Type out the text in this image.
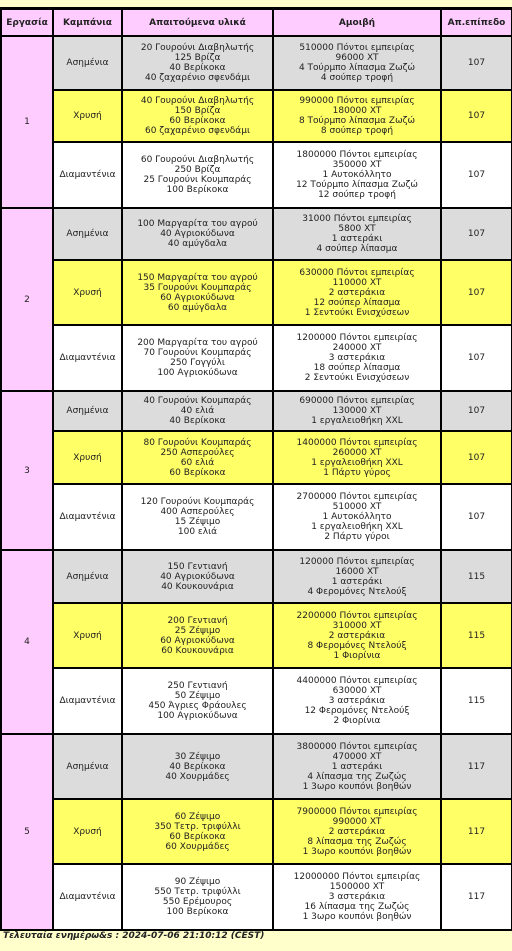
Εργασία	Καμπάνια	Απαιτούμενα υλικά	Αμοιβή	Απ.επίπεδο
1	Ασημένια	20 Γουρούνι Διαβηλωτής
125 Βρίζα
40 Βερίκοκα
40 ζαχαρένιο σφενδάμι	510000 Πόντοι εμπειρίας
96000 XT
4 Τούρμπο λίπασμα Ζωζώ
4 σούπερ τροφή	107
	Χρυσή	40 Γουρούνι Διαβηλωτής
150 Βρίζα
60 Βερίκοκα
60 ζαχαρένιο σφενδάμι	990000 Πόντοι εμπειρίας
180000 XT
8 Τούρμπο λίπασμα Ζωζώ
8 σούπερ τροφή	107
	Διαμαντένια	60 Γουρούνι Διαβηλωτής
250 Βρίζα
25 Γουρούνι Κουμπαράς
100 Βερίκοκα	1800000 Πόντοι εμπειρίας
350000 XT
1 Αυτοκόλλητο
12 Τούρμπο λίπασμα Ζωζώ
12 σούπερ τροφή	107
2	Ασημένια	100 Μαργαρίτα του αγρού
40 Αγριοκύδωνα
40 αμύγδαλα	31000 Πόντοι εμπειρίας
5800 XT
1 αστεράκι
4 σούπερ λίπασμα	107
	Χρυσή	150 Μαργαρίτα του αγρού
35 Γουρούνι Κουμπαράς
60 Αγριοκύδωνα
60 αμύγδαλα	630000 Πόντοι εμπειρίας
110000 XT
2 αστεράκια
12 σούπερ λίπασμα
1 Σεντούκι Ενισχύσεων	107
	Διαμαντένια	200 Μαργαρίτα του αγρού
70 Γουρούνι Κουμπαράς
250 Γογγύλι
100 Αγριοκύδωνα	1200000 Πόντοι εμπειρίας
240000 XT
3 αστεράκια
18 σούπερ λίπασμα
2 Σεντούκι Ενισχύσεων	107
3	Ασημένια	40 Γουρούνι Κουμπαράς
40 ελιά
40 Βερίκοκα	690000 Πόντοι εμπειρίας
130000 XT
1 εργαλειοθήκη XXL	107
	Χρυσή	80 Γουρούνι Κουμπαράς
250 Ασπερούλες
60 ελιά
60 Βερίκοκα	1400000 Πόντοι εμπειρίας
260000 XT
1 εργαλειοθήκη XXL
1 Πάρτυ γύρος	107
	Διαμαντένια	120 Γουρούνι Κουμπαράς
400 Ασπερούλες
15 Ζέψιμο
100 ελιά	2700000 Πόντοι εμπειρίας
510000 XT
1 Αυτοκόλλητο
1 εργαλειοθήκη XXL
2 Πάρτυ γύροι	107
4	Ασημένια	150 Γεντιανή
40 Αγριοκύδωνα
40 Κουκουνάρια	120000 Πόντοι εμπειρίας
16000 XT
1 αστεράκι
4 Φερομόνες Ντελούξ	115
	Χρυσή	200 Γεντιανή
25 Ζέψιμο
60 Αγριοκύδωνα
60 Κουκουνάρια	2200000 Πόντοι εμπειρίας
310000 XT
2 αστεράκια
8 Φερομόνες Ντελούξ
1 Φιορίνια	115
	Διαμαντένια	250 Γεντιανή
50 Ζέψιμο
450 Άγριες Φράουλες
100 Αγριοκύδωνα	4400000 Πόντοι εμπειρίας
630000 XT
3 αστεράκια
12 Φερομόνες Ντελούξ
2 Φιορίνια	115
5	Ασημένια	30 Ζέψιμο
40 Βερίκοκα
40 Χουρμάδες	3800000 Πόντοι εμπειρίας
470000 XT
1 αστεράκι
4 λίπασμα της Ζωζώς
1 3ωρο κουπόνι βοηθών	117
	Χρυσή	60 Ζέψιμο
350 Τετρ. τριφύλλι
60 Βερίκοκα
60 Χουρμάδες	7900000 Πόντοι εμπειρίας
990000 XT
2 αστεράκια
8 λίπασμα της Ζωζώς
1 3ωρο κουπόνι βοηθών	117
	Διαμαντένια	90 Ζέψιμο
550 Τετρ. τριφύλλι
550 Ερέμουρος
100 Βερίκοκα	12000000 Πόντοι εμπειρίας
1500000 XT
3 αστεράκια
16 λίπασμα της Ζωζώς
1 3ωρο κουπόνι βοηθών	117
Τελευταία ενημέρω&s : 2024-07-06 21:10:12 (CEST)
